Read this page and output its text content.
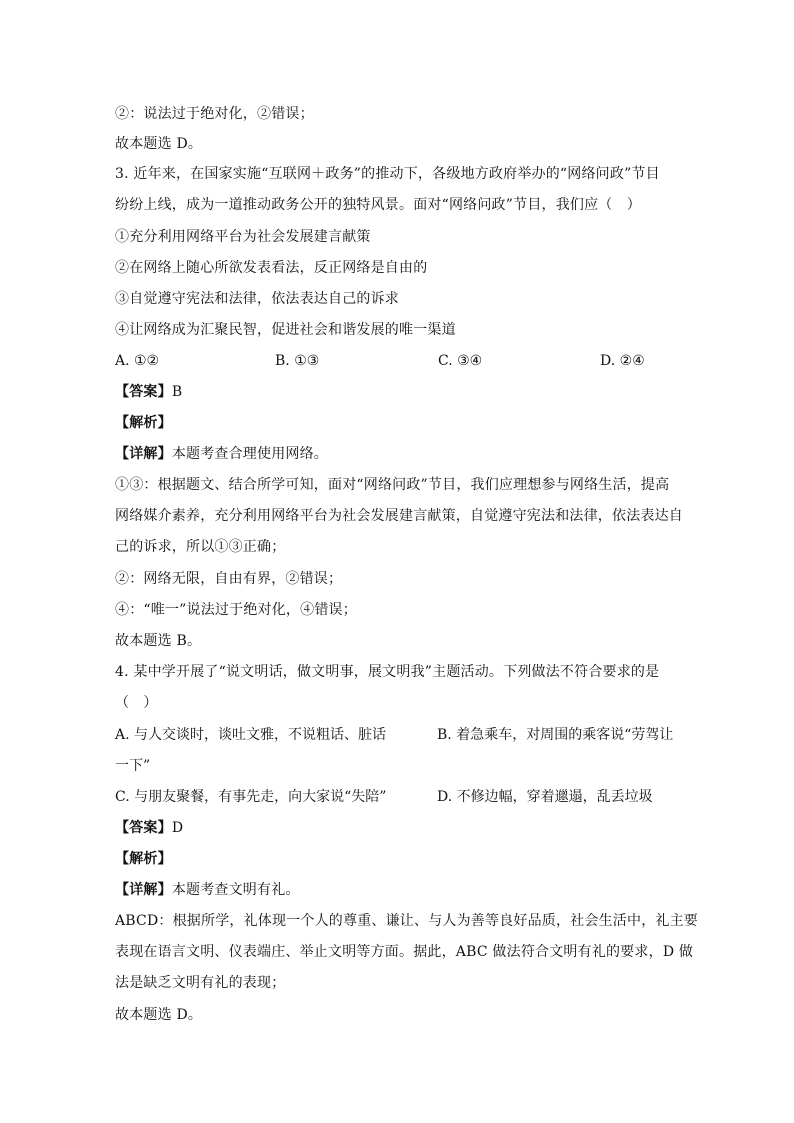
②：说法过于绝对化，②错误；
故本题选 D。
3. 近年来，在国家实施“互联网＋政务”的推动下，各级地方政府举办的“网络问政”节目
纷纷上线，成为一道推动政务公开的独特风景。面对“网络问政”节目，我们应（　）
①充分利用网络平台为社会发展建言献策
②在网络上随心所欲发表看法，反正网络是自由的
③自觉遵守宪法和法律，依法表达自己的诉求
④让网络成为汇聚民智，促进社会和谐发展的唯一渠道
A. ①②	B. ①③	C. ③④	D. ②④
【答案】B
【解析】
【详解】本题考查合理使用网络。
①③：根据题文、结合所学可知，面对“网络问政”节目，我们应理想参与网络生活，提高
网络媒介素养，充分利用网络平台为社会发展建言献策，自觉遵守宪法和法律，依法表达自
己的诉求，所以①③正确；
②：网络无限，自由有界，②错误；
④：“唯一”说法过于绝对化，④错误；
故本题选 B。
4. 某中学开展了“说文明话，做文明事，展文明我”主题活动。下列做法不符合要求的是
（　）
A. 与人交谈时，谈吐文雅，不说粗话、脏话	B. 着急乘车，对周围的乘客说“劳驾让
一下”
C. 与朋友聚餐，有事先走，向大家说“失陪”	D. 不修边幅，穿着邋遢，乱丢垃圾
【答案】D
【解析】
【详解】本题考查文明有礼。
ABCD：根据所学，礼体现一个人的尊重、谦让、与人为善等良好品质，社会生活中，礼主要
表现在语言文明、仪表端庄、举止文明等方面。据此，ABC 做法符合文明有礼的要求，D 做
法是缺乏文明有礼的表现；
故本题选 D。
